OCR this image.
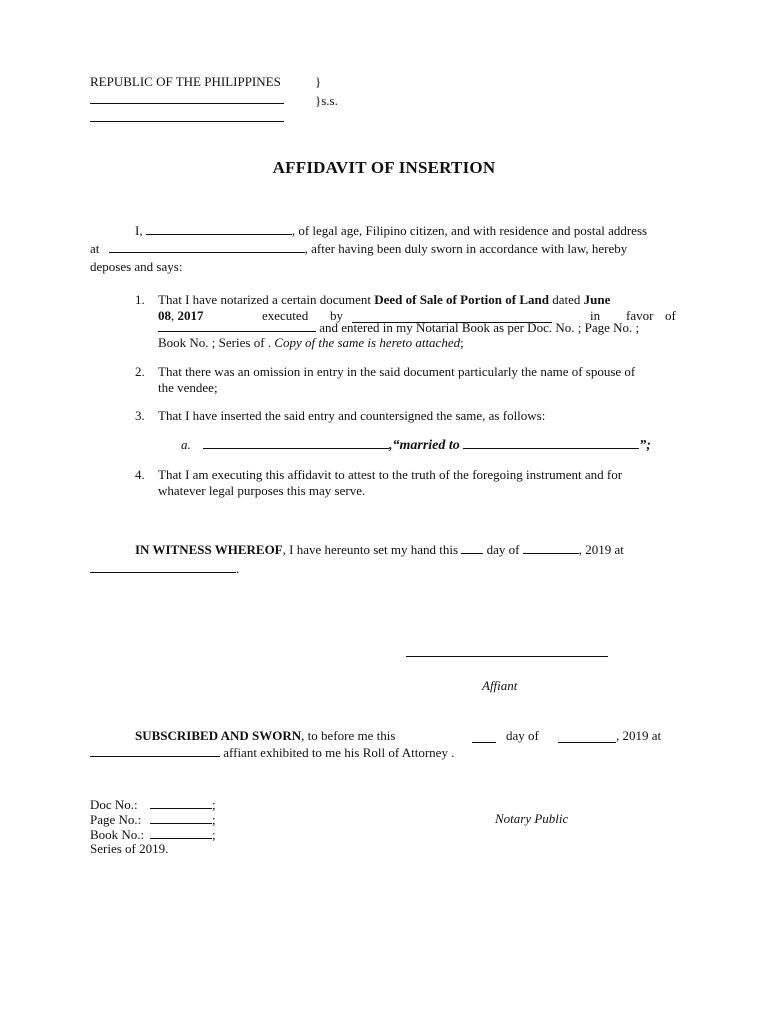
REPUBLIC OF THE PHILIPPINES	}
}s.s.
AFFIDAVIT OF INSERTION
I,	, of legal age, Filipino citizen, and with residence and postal address
at	, after having been duly sworn in accordance with law, hereby
deposes and says:
1. That I have notarized a certain document Deed of Sale of Portion of Land dated June
08, 2017	executed by	in favor of
and entered in my Notarial Book as per Doc. No. ; Page No. ;
Book No. ; Series of . Copy of the same is hereto attached;
2. That there was an omission in entry in the said document particularly the name of spouse of
the vendee;
3. That I have inserted the said entry and countersigned the same, as follows:
a.	,“married to	”;
4. That I am executing this affidavit to attest to the truth of the foregoing instrument and for
whatever legal purposes this may serve.
IN WITNESS WHEREOF, I have hereunto set my hand this day of	, 2019 at
.
Affiant
SUBSCRIBED AND SWORN, to before me this	day of	, 2019 at
affiant exhibited to me his Roll of Attorney .
Doc No.:	;
Page No.:	;
Book No.:	;
Series of 2019.
Notary Public
